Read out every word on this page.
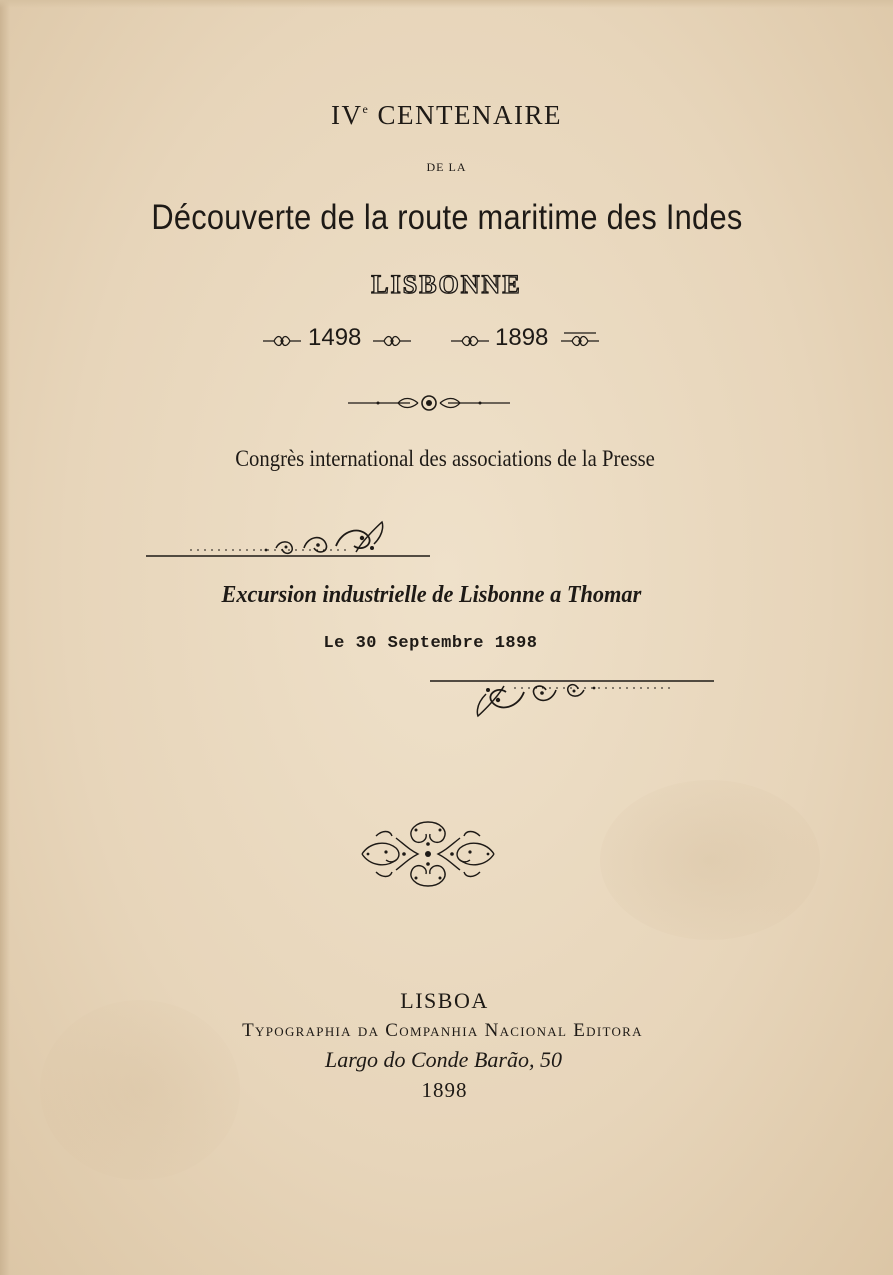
IVe CENTENAIRE
DE LA
Découverte de la route maritime des Indes
LISBONNE
1498	1898
Congrès international des associations de la Presse
Excursion industrielle de Lisbonne a Thomar
Le 30 Septembre 1898
LISBOA
Typographia da Companhia Nacional Editora
Largo do Conde Barão, 50
1898
